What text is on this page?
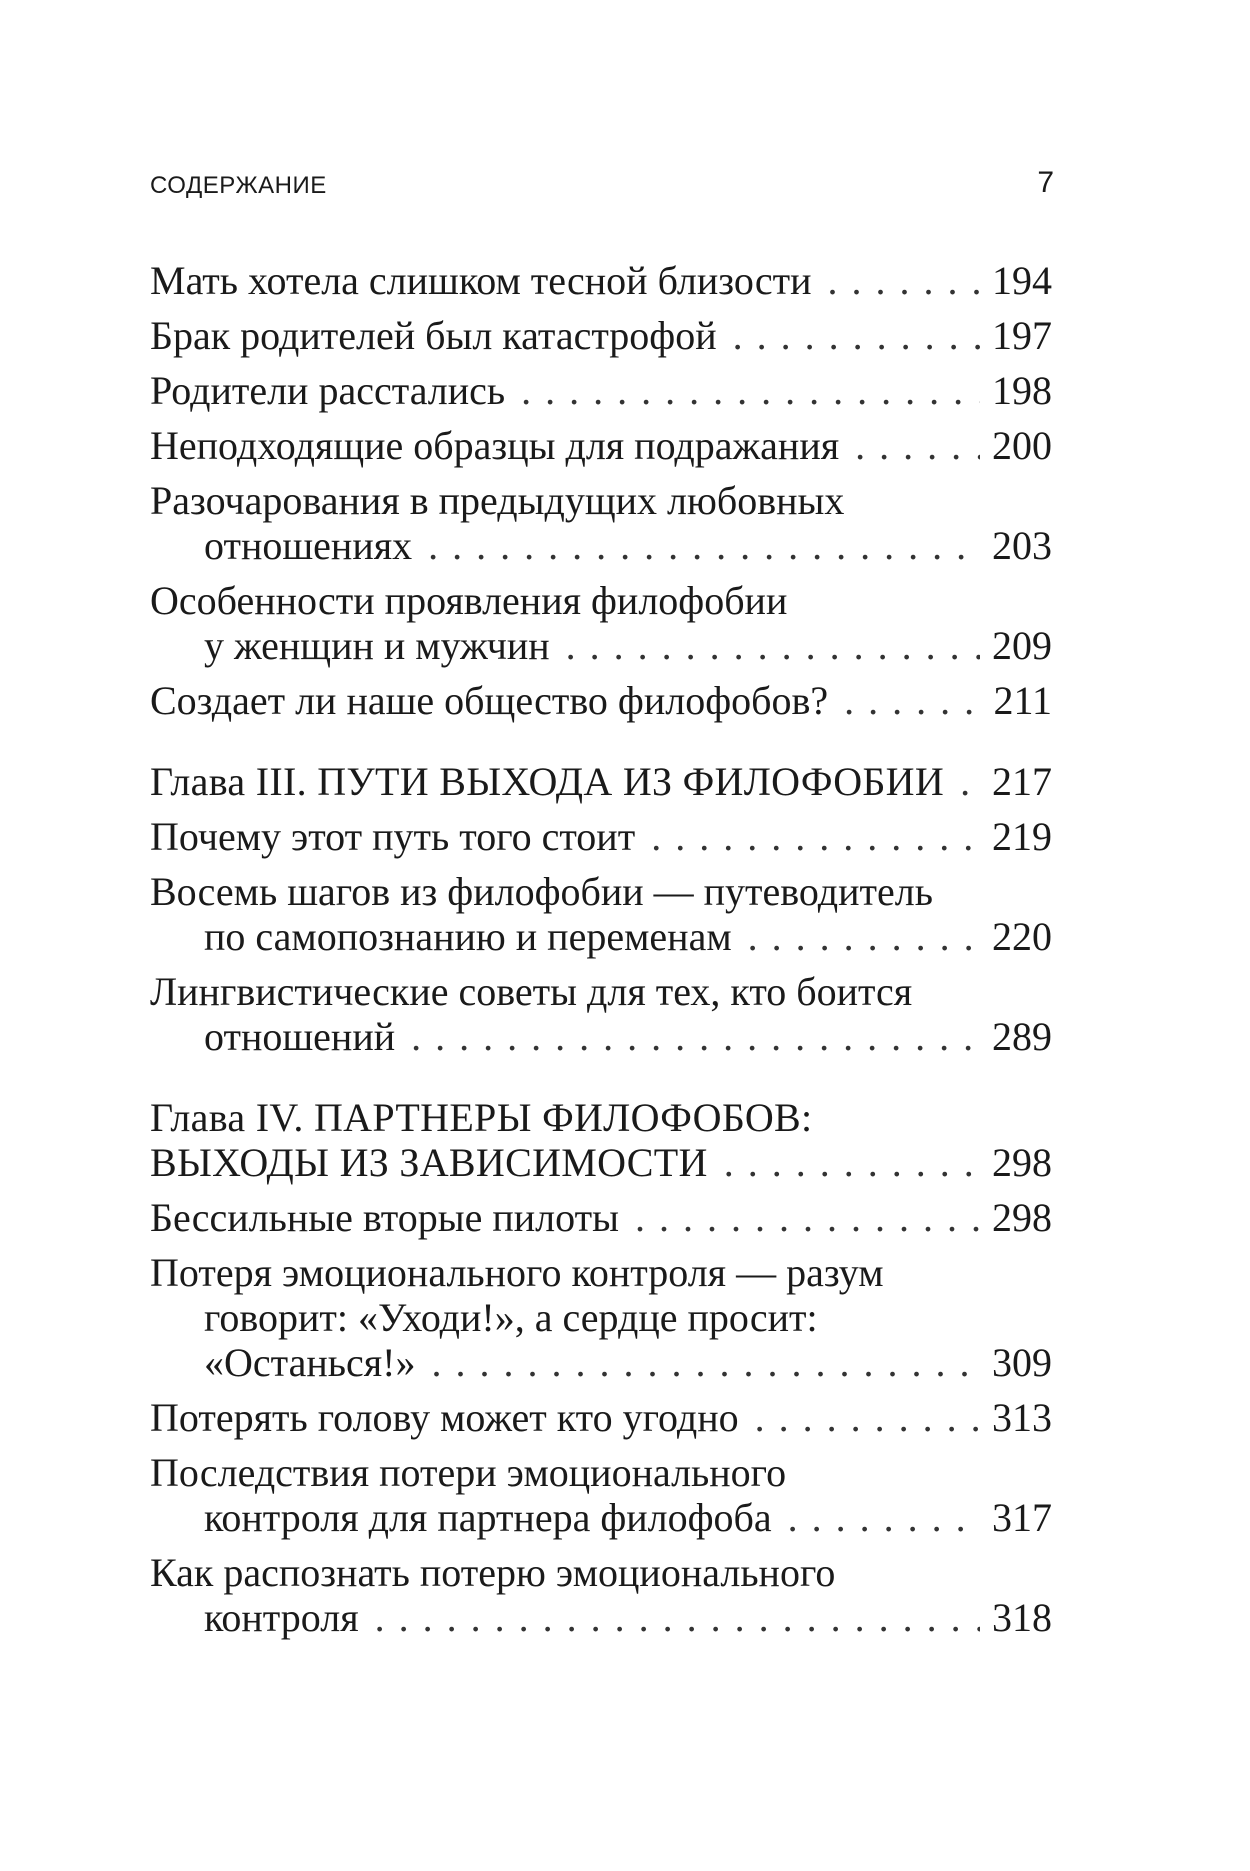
СОДЕРЖАНИЕ	7
Мать хотела слишком тесной близости . . .	194
Брак родителей был катастрофой . . .	197
Родители расстались . . .	198
Неподходящие образцы для подражания . . .	200
Разочарования в предыдущих любовных
отношениях . . .	203
Особенности проявления филофобии
у женщин и мужчин . . .	209
Создает ли наше общество филофобов? . . .	211
Глава III. ПУТИ ВЫХОДА ИЗ ФИЛОФОБИИ . . . 217
Почему этот путь того стоит . . .	219
Восемь шагов из филофобии — путеводитель
по самопознанию и переменам . . .	220
Лингвистические советы для тех, кто боится
отношений . . .	289
Глава IV. ПАРТНЕРЫ ФИЛОФОБОВ:
ВЫХОДЫ ИЗ ЗАВИСИМОСТИ . . .	298
Бессильные вторые пилоты . . .	298
Потеря эмоционального контроля — разум
говорит: «Уходи!», а сердце просит:
«Останься!» . . .	309
Потерять голову может кто угодно . . .	313
Последствия потери эмоционального
контроля для партнера филофоба . . .	317
Как распознать потерю эмоционального
контроля . . .	318
